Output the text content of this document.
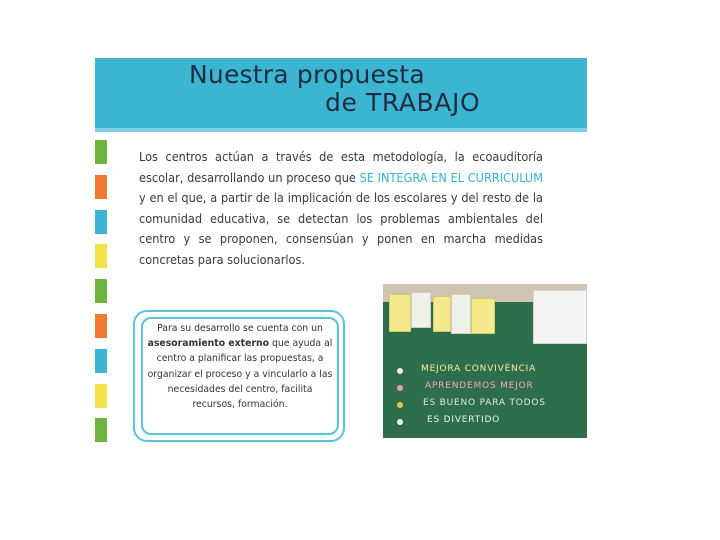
Nuestra propuesta
de TRABAJO
Los centros actúan a través de esta metodología, la ecoauditoría escolar, desarrollando un proceso que SE INTEGRA EN EL CURRICULUM y en el que, a partir de la implicación de los escolares y del resto de la comunidad educativa, se detectan los problemas ambientales del centro y se proponen, consensúan y ponen en marcha medidas concretas para solucionarlos.
Para su desarrollo se cuenta con un asesoramiento externo que ayuda al centro a planificar las propuestas, a organizar el proceso y a vincularlo a las necesidades del centro, facilita recursos, formación.
MEJORA CONVIVÈNCIA
APRENDEMOS MEJOR
ES BUENO PARA TODOS
ES DIVERTIDO
